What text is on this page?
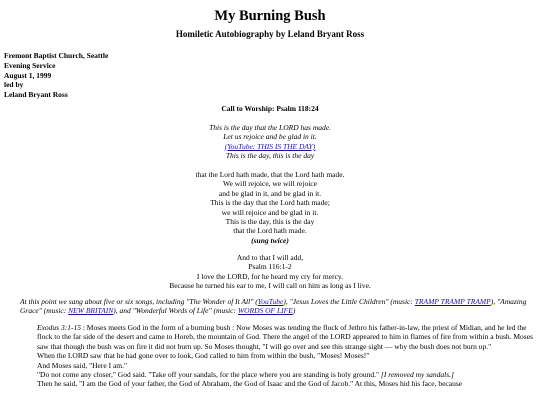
My Burning Bush
Homiletic Autobiography by Leland Bryant Ross
Fremont Baptist Church, Seattle
Evening Service
August 1, 1999
led by
Leland Bryant Ross
Call to Worship: Psalm 118:24
This is the day that the LORD has made.
Let us rejoice and be glad in it.
(YouTube: THIS IS THE DAY)
This is the day, this is the day
that the Lord hath made, that the Lord hath made.
We will rejoice, we will rejoice
and be glad in it, and be glad in it.
This is the day that the Lord hath made;
we will rejoice and be glad in it.
This is the day, this is the day
that the Lord hath made.
(sung twice)
And to that I will add,
Psalm 116:1-2
I love the LORD, for he heard my cry for mercy.
Because he turned his ear to me, I will call on him as long as I live.
At this point we sang about five or six songs, including "The Wonder of It All" (YouTube), "Jesus Loves the Little Children" (music: TRAMP TRAMP TRAMP), "Amazing Grace" (music: NEW BRITAIN), and "Wonderful Words of Life" (music: WORDS OF LIFE)
Exodus 3:1-15 : Moses meets God in the form of a burning bush : Now Moses was tending the flock of Jethro his father-in-law, the priest of Midian, and he led the flock to the far side of the desert and came to Horeb, the mountain of God. There the angel of the LORD appeared to him in flames of fire from within a bush. Moses saw that though the bush was on fire it did not burn up. So Moses thought, "I will go over and see this strange sight — why the bush does not burn up."
When the LORD saw that he had gone over to look, God called to him from within the bush, "Moses! Moses!"
And Moses said, "Here I am."
"Do not come any closer," God said. "Take off your sandals, for the place where you are standing is holy ground." [I removed my sandals.]
Then he said, "I am the God of your father, the God of Abraham, the God of Isaac and the God of Jacob." At this, Moses hid his face, because
